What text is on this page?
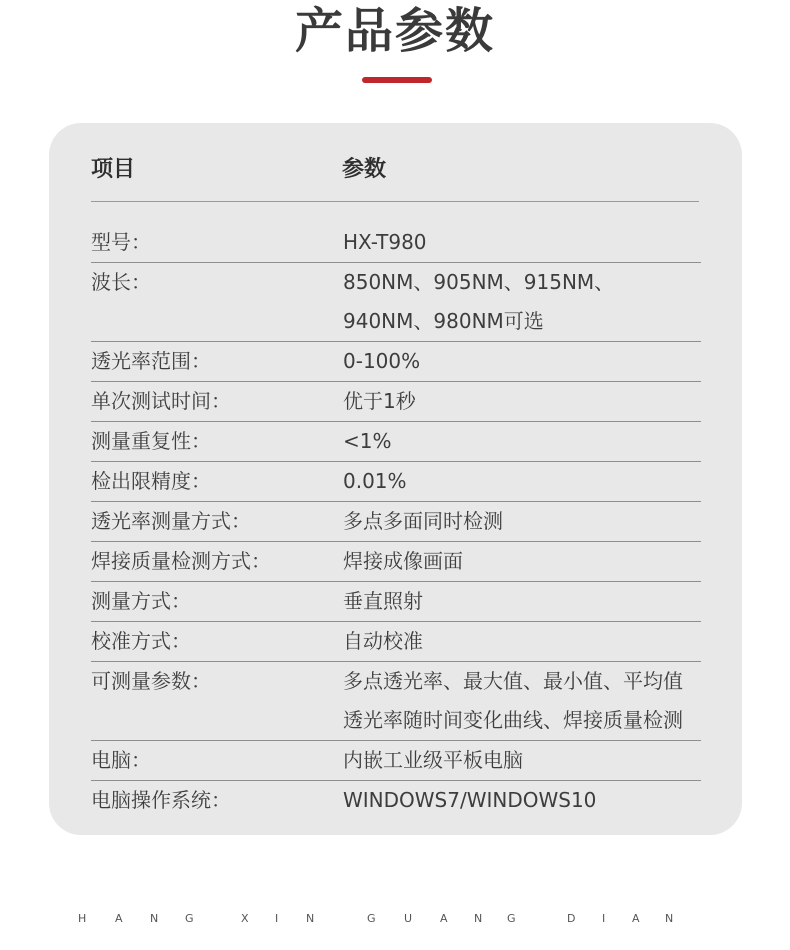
产品参数
项目	参数
型号：	HX-T980
波长：	850NM、905NM、915NM、
940NM、980NM可选
透光率范围：	0-100%
单次测试时间：	优于1秒
测量重复性：	<1%
检出限精度：	0.01%
透光率测量方式：	多点多面同时检测
焊接质量检测方式：	焊接成像画面
测量方式：	垂直照射
校准方式：	自动校准
可测量参数：	多点透光率、最大值、最小值、平均值
透光率随时间变化曲线、焊接质量检测
电脑：	内嵌工业级平板电脑
电脑操作系统：	WINDOWS7/WINDOWS10
H	A N G	X I	N	G	U	A N G	D I A N
